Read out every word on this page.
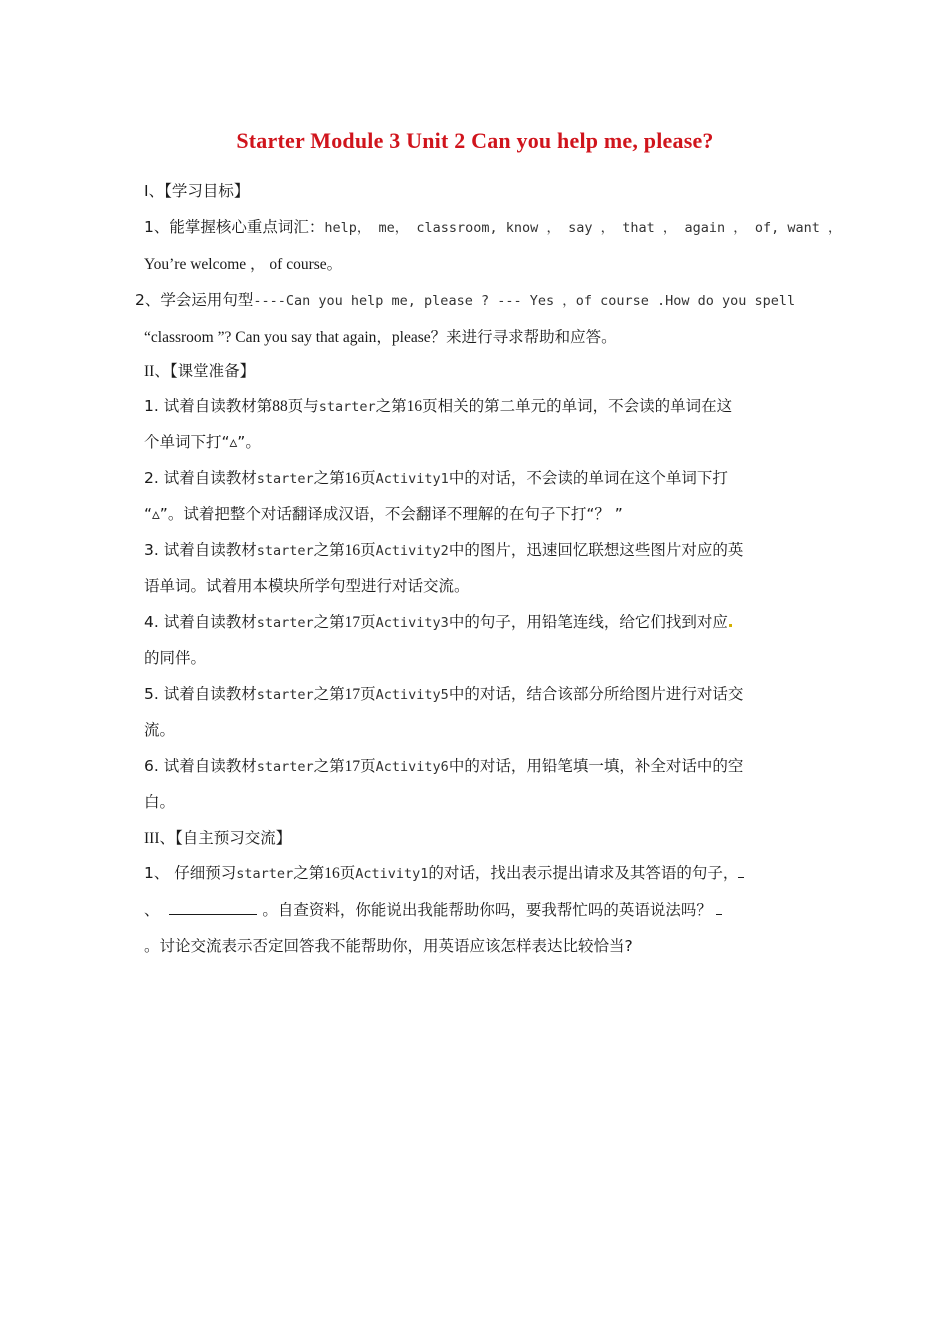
Starter Module 3 Unit 2 Can you help me, please?
I、【学习目标】
1、能掌握核心重点词汇：help， me， classroom, know ， say ， that ， again ， of, want ，
You’re welcome ， of course。
2、学会运用句型----Can you help me, please ? --- Yes ，of course .How do you spell
“classroom ”? Can you say that again，please？来进行寻求帮助和应答。
II、【课堂准备】
1. 试着自读教材第88页与starter之第16页相关的第二单元的单词，不会读的单词在这
个单词下打“▵”。
2. 试着自读教材starter之第16页Activity1中的对话，不会读的单词在这个单词下打
“▵”。试着把整个对话翻译成汉语，不会翻译不理解的在句子下打“？ ”
3. 试着自读教材starter之第16页Activity2中的图片，迅速回忆联想这些图片对应的英
语单词。试着用本模块所学句型进行对话交流。
4. 试着自读教材starter之第17页Activity3中的句子，用铅笔连线，给它们找到对应
的同伴。
5. 试着自读教材starter之第17页Activity5中的对话，结合该部分所给图片进行对话交
流。
6. 试着自读教材starter之第17页Activity6中的对话，用铅笔填一填，补全对话中的空
白。
III、【自主预习交流】
1、 仔细预习starter之第16页Activity1的对话，找出表示提出请求及其答语的句子，
、	。自查资料，你能说出我能帮助你吗，要我帮忙吗的英语说法吗？
。讨论交流表示否定回答我不能帮助你，用英语应该怎样表达比较恰当?
